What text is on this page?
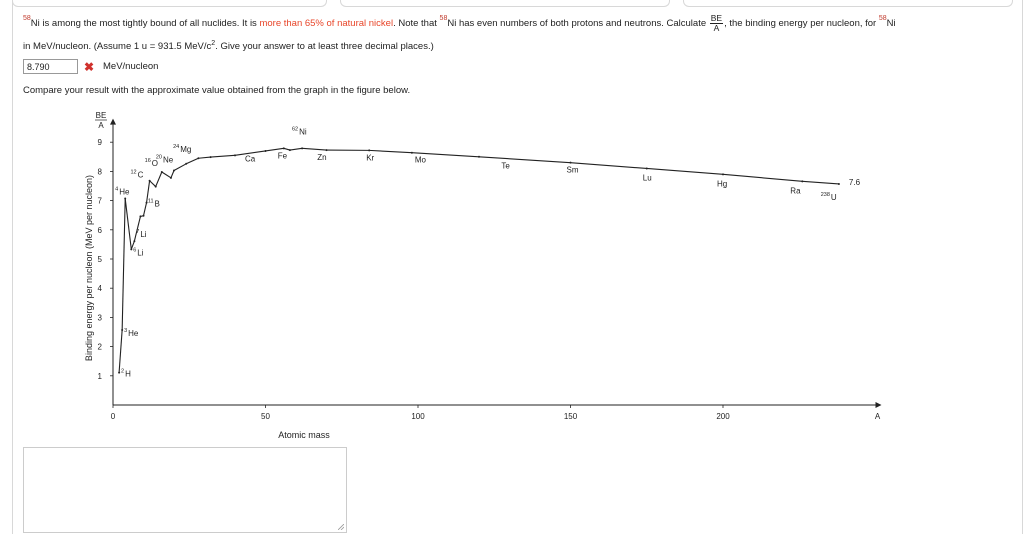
$^{58}$Ni is among the most tightly bound of all nuclides. It is more than 65% of natural nickel. Note that $^{58}$Ni has even numbers of both protons and neutrons. Calculate $\frac{BE}{A}$ , the binding energy per nucleon, for $^{58}$Ni
in MeV/nucleon. (Assume 1 u = 931.5 MeV/$c^2$. Give your answer to at least three decimal places.)
8.790	✖ MeV/nucleon
Compare your result with the approximate value obtained from the graph in the figure below.
0	50	100	150	200
1
2
3
4
5
6
7
8
9
A
Atomic mass
Binding energy per nucleon (MeV per nucleon)
BE
A
2 H
3 He
4 He
6 Li
7 Li
11 B
12 C
16 O
20 Ne
24 Mg
Ca	Fe
62 Ni
Zn	Kr	Mo
Te	Sm
Lu
Hg
Ra	238 U
7.6
